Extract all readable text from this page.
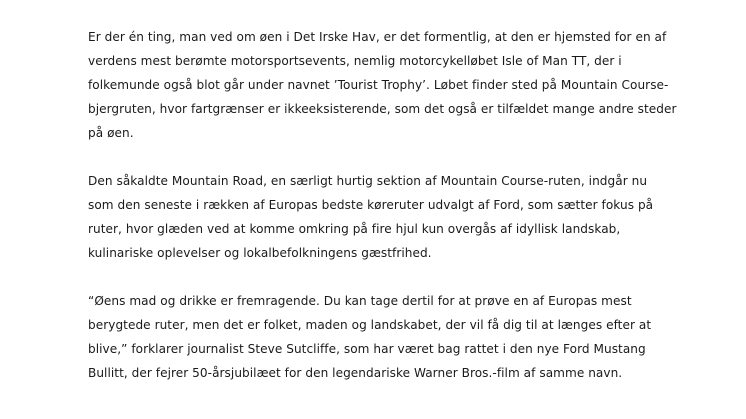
Er der én ting, man ved om øen i Det Irske Hav, er det formentlig, at den er hjemsted for en af
verdens mest berømte motorsportsevents, nemlig motorcykelløbet Isle of Man TT, der i
folkemunde også blot går under navnet ’Tourist Trophy’. Løbet finder sted på Mountain Course-
bjergruten, hvor fartgrænser er ikkeeksisterende, som det også er tilfældet mange andre steder
på øen.
Den såkaldte Mountain Road, en særligt hurtig sektion af Mountain Course-ruten, indgår nu
som den seneste i rækken af Europas bedste køreruter udvalgt af Ford, som sætter fokus på
ruter, hvor glæden ved at komme omkring på fire hjul kun overgås af idyllisk landskab,
kulinariske oplevelser og lokalbefolkningens gæstfrihed.
“Øens mad og drikke er fremragende. Du kan tage dertil for at prøve en af Europas mest
berygtede ruter, men det er folket, maden og landskabet, der vil få dig til at længes efter at
blive,” forklarer journalist Steve Sutcliffe, som har været bag rattet i den nye Ford Mustang
Bullitt, der fejrer 50-årsjubilæet for den legendariske Warner Bros.-film af samme navn.
